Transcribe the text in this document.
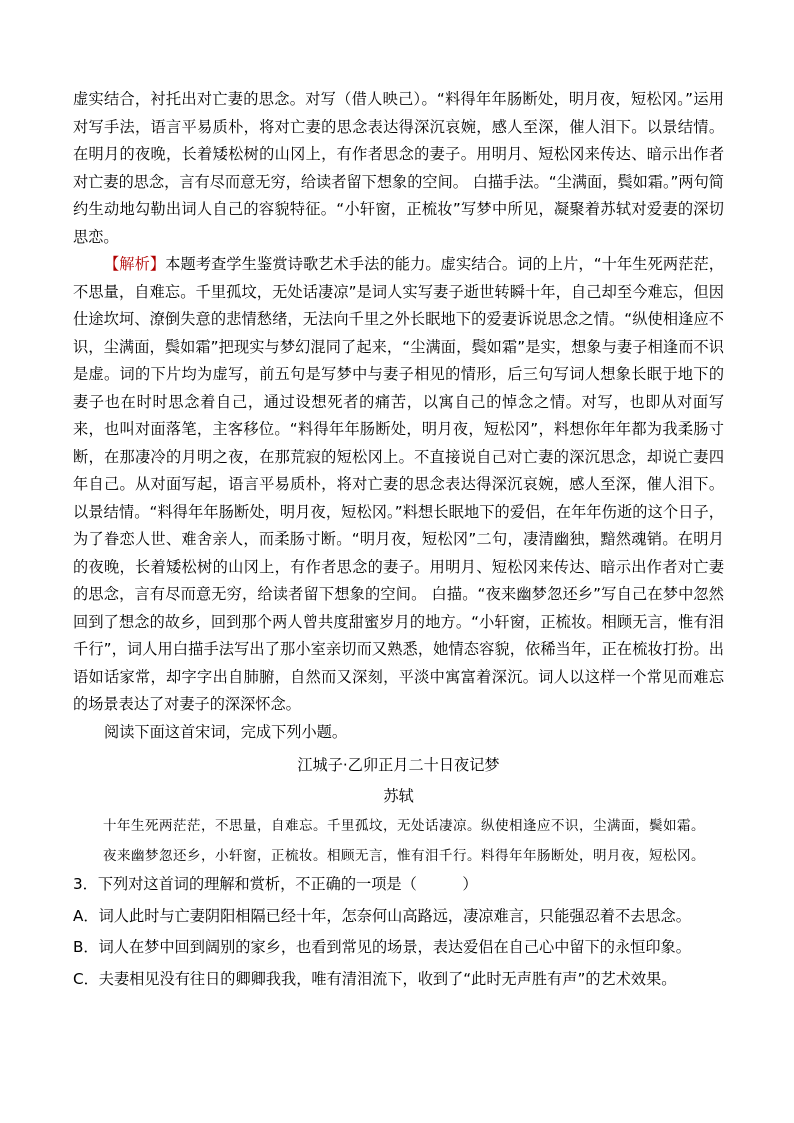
虚实结合，衬托出对亡妻的思念。对写（借人映己）。“料得年年肠断处，明月夜，短松冈。”运用对写手法，语言平易质朴，将对亡妻的思念表达得深沉哀婉，感人至深，催人泪下。以景结情。在明月的夜晚，长着矮松树的山冈上，有作者思念的妻子。用明月、短松冈来传达、暗示出作者对亡妻的思念，言有尽而意无穷，给读者留下想象的空间。 白描手法。“尘满面，鬓如霜。”两句简约生动地勾勒出词人自己的容貌特征。“小轩窗，正梳妆”写梦中所见，凝聚着苏轼对爱妻的深切思恋。

【解析】本题考查学生鉴赏诗歌艺术手法的能力。虚实结合。词的上片，“十年生死两茫茫，不思量，自难忘。千里孤坟，无处话凄凉”是词人实写妻子逝世转瞬十年，自己却至今难忘，但因仕途坎坷、潦倒失意的悲情愁绪，无法向千里之外长眠地下的爱妻诉说思念之情。“纵使相逢应不识，尘满面，鬓如霜”把现实与梦幻混同了起来，“尘满面，鬓如霜”是实，想象与妻子相逢而不识是虚。词的下片均为虚写，前五句是写梦中与妻子相见的情形，后三句写词人想象长眠于地下的妻子也在时时思念着自己，通过设想死者的痛苦，以寓自己的悼念之情。对写，也即从对面写来，也叫对面落笔，主客移位。“料得年年肠断处，明月夜，短松冈”，料想你年年都为我柔肠寸断，在那凄冷的月明之夜，在那荒寂的短松冈上。不直接说自己对亡妻的深沉思念，却说亡妻四年自己。从对面写起，语言平易质朴，将对亡妻的思念表达得深沉哀婉，感人至深，催人泪下。 以景结情。“料得年年肠断处，明月夜，短松冈。”料想长眠地下的爱侣，在年年伤逝的这个日子，为了眷恋人世、难舍亲人，而柔肠寸断。“明月夜，短松冈”二句，凄清幽独，黯然魂销。在明月的夜晚，长着矮松树的山冈上，有作者思念的妻子。用明月、短松冈来传达、暗示出作者对亡妻的思念，言有尽而意无穷，给读者留下想象的空间。 白描。“夜来幽梦忽还乡”写自己在梦中忽然回到了想念的故乡，回到那个两人曾共度甜蜜岁月的地方。“小轩窗，正梳妆。相顾无言，惟有泪千行”，词人用白描手法写出了那小室亲切而又熟悉，她情态容貌，依稀当年，正在梳妆打扮。出语如话家常，却字字出自肺腑，自然而又深刻，平淡中寓富着深沉。词人以这样一个常见而难忘的场景表达了对妻子的深深怀念。

阅读下面这首宋词，完成下列小题。

江城子·乙卯正月二十日夜记梦

苏轼

十年生死两茫茫，不思量，自难忘。千里孤坟，无处话凄凉。纵使相逢应不识，尘满面，鬓如霜。
夜来幽梦忽还乡，小轩窗，正梳妆。相顾无言，惟有泪千行。料得年年肠断处，明月夜，短松冈。

3．下列对这首词的理解和赏析，不正确的一项是（　　　）

A．词人此时与亡妻阴阳相隔已经十年，怎奈何山高路远，凄凉难言，只能强忍着不去思念。

B．词人在梦中回到阔别的家乡，也看到常见的场景，表达爱侣在自己心中留下的永恒印象。

C．夫妻相见没有往日的卿卿我我，唯有清泪流下，收到了“此时无声胜有声”的艺术效果。
